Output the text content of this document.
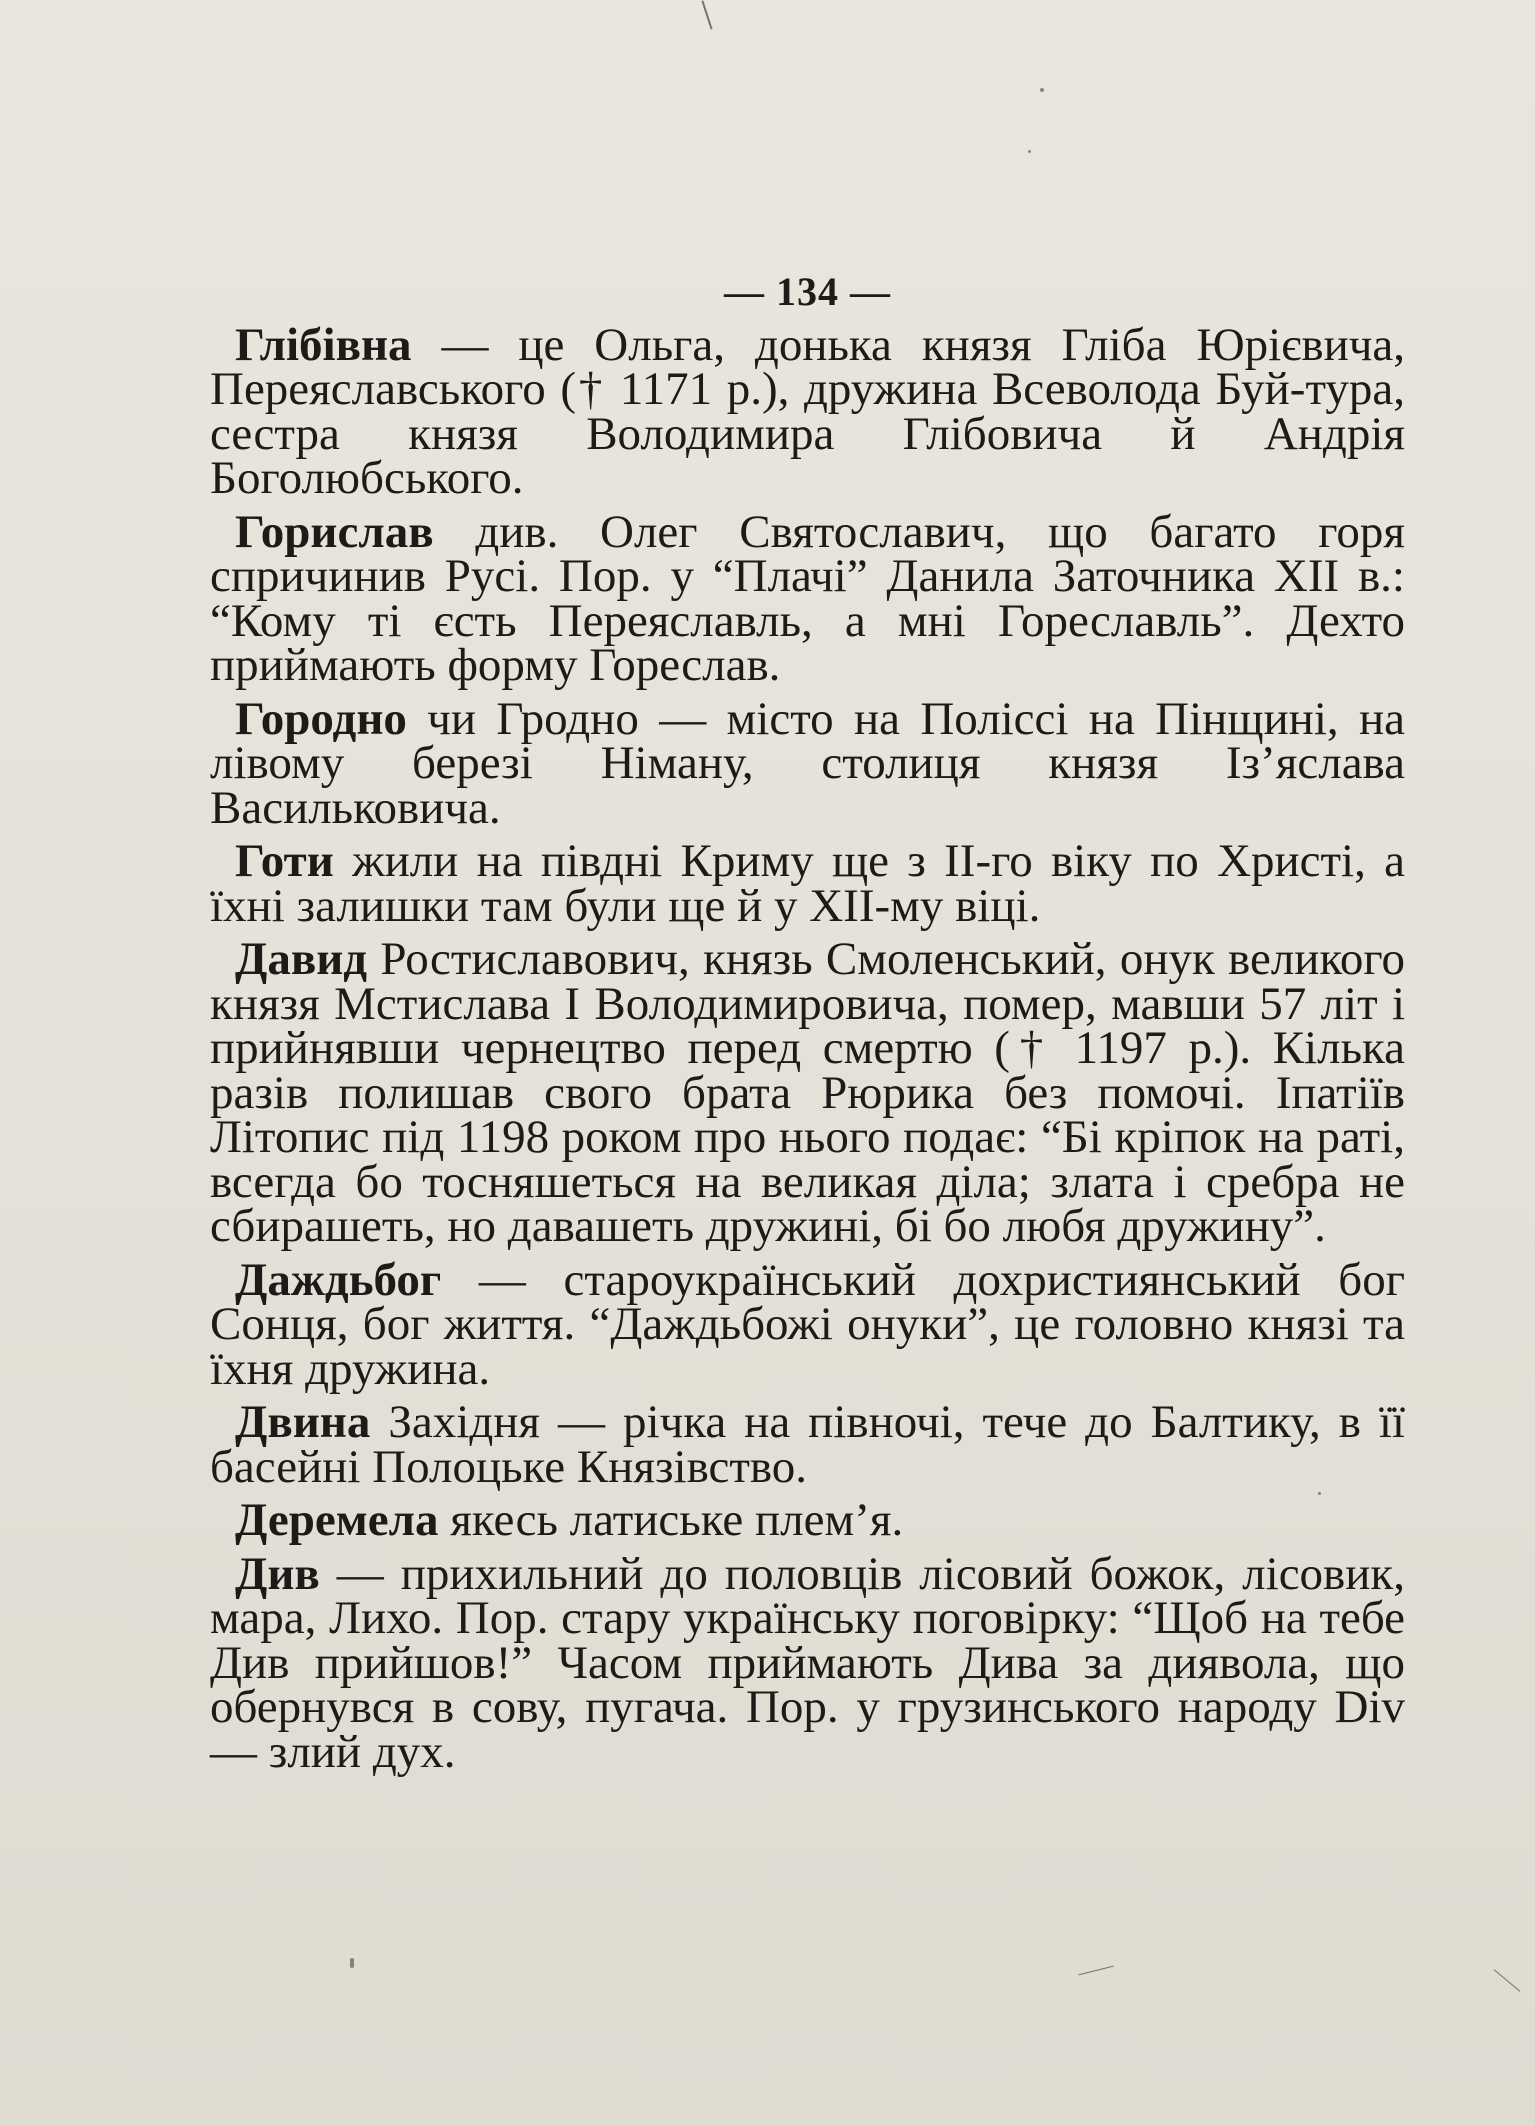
— 134 —

Глібівна — це Ольга, донька князя Гліба Юрієвича, Переяславського († 1171 р.), дружина Всеволода Буй-тура, сестра князя Володимира Глібовича й Андрія Боголюбського.

Горислав див. Олег Святославич, що багато горя спричинив Русі. Пор. у “Плачі” Данила Заточника XII в.: “Кому ті єсть Переяславль, а мні Гореславль”. Дехто приймають форму Гореслав.

Городно чи Гродно — місто на Поліссі на Пінщині, на лівому березі Німану, столиця князя Ізʼяслава Васильковича.

Готи жили на півдні Криму ще з II-го віку по Христі, а їхні залишки там були ще й у XII-му віці.

Давид Ростиславович, князь Смоленський, онук великого князя Мстислава I Володимировича, помер, мавши 57 літ і прийнявши чернецтво перед смертю († 1197 р.). Кілька разів полишав свого брата Рюрика без помочі. Іпатіїв Літопис під 1198 роком про нього подає: “Бі кріпок на раті, всегда бо тосняшеться на великая діла; злата і сребра не сбирашеть, но давашеть дружині, бі бо любя дружину”.

Даждьбог — староукраїнський дохристиянський бог Сонця, бог життя. “Даждьбожі онуки”, це головно князі та їхня дружина.

Двина Західня — річка на півночі, тече до Балтику, в її басейні Полоцьке Князівство.

Деремела якесь латиське плем’я.

Див — прихильний до половців лісовий божок, лісовик, мара, Лихо. Пор. стару українську поговірку: “Щоб на тебе Див прийшов!” Часом приймають Дива за диявола, що обернувся в сову, пугача. Пор. у грузинського народу Div — злий дух.
